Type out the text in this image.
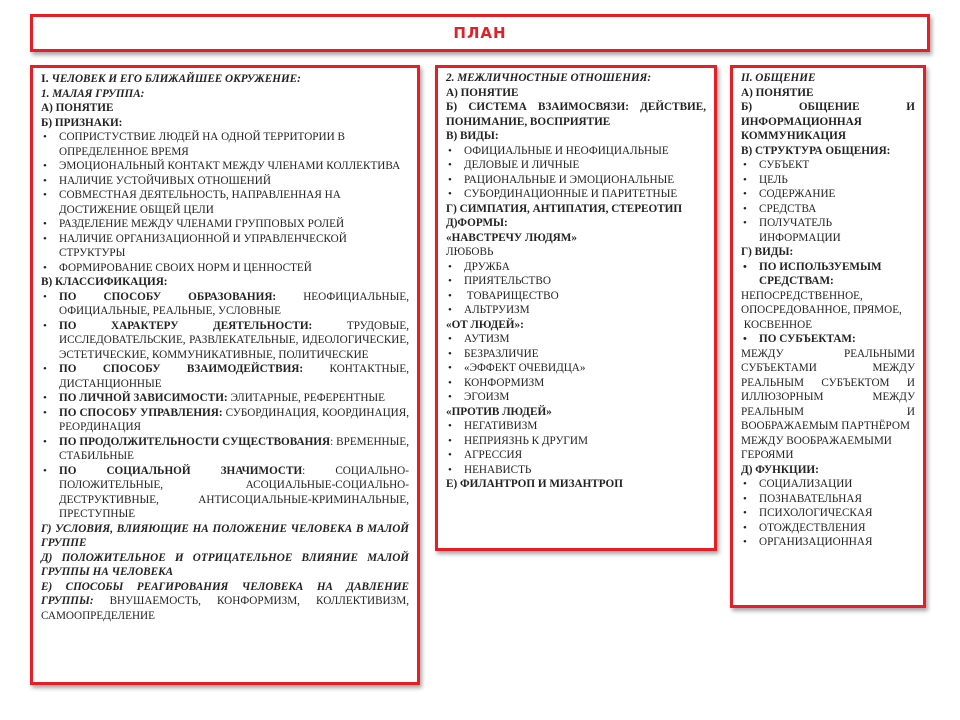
ПЛАН
I. ЧЕЛОВЕК И ЕГО БЛИЖАЙШЕЕ ОКРУЖЕНИЕ:
1. МАЛАЯ ГРУППА:
А) ПОНЯТИЕ
Б) ПРИЗНАКИ:
• СОПРИСТУСТВИЕ ЛЮДЕЙ НА ОДНОЙ ТЕРРИТОРИИ В ОПРЕДЕЛЕННОЕ ВРЕМЯ
• ЭМОЦИОНАЛЬНЫЙ КОНТАКТ МЕЖДУ ЧЛЕНАМИ КОЛЛЕКТИВА
• НАЛИЧИЕ УСТОЙЧИВЫХ ОТНОШЕНИЙ
• СОВМЕСТНАЯ ДЕЯТЕЛЬНОСТЬ, НАПРАВЛЕННАЯ НА ДОСТИЖЕНИЕ ОБЩЕЙ ЦЕЛИ
• РАЗДЕЛЕНИЕ МЕЖДУ ЧЛЕНАМИ ГРУППОВЫХ РОЛЕЙ
• НАЛИЧИЕ ОРГАНИЗАЦИОННОЙ И УПРАВЛЕНЧЕСКОЙ СТРУКТУРЫ
• ФОРМИРОВАНИЕ СВОИХ НОРМ И ЦЕННОСТЕЙ
В) КЛАССИФИКАЦИЯ:
• ПО СПОСОБУ ОБРАЗОВАНИЯ: НЕОФИЦИАЛЬНЫЕ, ОФИЦИАЛЬНЫЕ, РЕАЛЬНЫЕ, УСЛОВНЫЕ
• ПО ХАРАКТЕРУ ДЕЯТЕЛЬНОСТИ: ТРУДОВЫЕ, ИССЛЕДОВАТЕЛЬСКИЕ, РАЗВЛЕКАТЕЛЬНЫЕ, ИДЕОЛОГИЧЕСКИЕ, ЭСТЕТИЧЕСКИЕ, КОММУНИКАТИВНЫЕ, ПОЛИТИЧЕСКИЕ
• ПО СПОСОБУ ВЗАИМОДЕЙСТВИЯ: КОНТАКТНЫЕ, ДИСТАНЦИОННЫЕ
• ПО ЛИЧНОЙ ЗАВИСИМОСТИ: ЭЛИТАРНЫЕ, РЕФЕРЕНТНЫЕ
• ПО СПОСОБУ УПРАВЛЕНИЯ: СУБОРДИНАЦИЯ, КООРДИНАЦИЯ, РЕОРДИНАЦИЯ
• ПО ПРОДОЛЖИТЕЛЬНОСТИ СУЩЕСТВОВАНИЯ: ВРЕМЕННЫЕ, СТАБИЛЬНЫЕ
• ПО СОЦИАЛЬНОЙ ЗНАЧИМОСТИ: СОЦИАЛЬНО-ПОЛОЖИТЕЛЬНЫЕ, АСОЦИАЛЬНЫЕ-СОЦИАЛЬНО-ДЕСТРУКТИВНЫЕ, АНТИСОЦИАЛЬНЫЕ-КРИМИНАЛЬНЫЕ, ПРЕСТУПНЫЕ
Г) УСЛОВИЯ, ВЛИЯЮЩИЕ НА ПОЛОЖЕНИЕ ЧЕЛОВЕКА В МАЛОЙ ГРУППЕ
Д) ПОЛОЖИТЕЛЬНОЕ И ОТРИЦАТЕЛЬНОЕ ВЛИЯНИЕ МАЛОЙ ГРУППЫ НА ЧЕЛОВЕКА
Е) СПОСОБЫ РЕАГИРОВАНИЯ ЧЕЛОВЕКА НА ДАВЛЕНИЕ ГРУППЫ: ВНУШАЕМОСТЬ, КОНФОРМИЗМ, КОЛЛЕКТИВИЗМ, САМООПРЕДЕЛЕНИЕ
2. МЕЖЛИЧНОСТНЫЕ ОТНОШЕНИЯ:
А) ПОНЯТИЕ
Б) СИСТЕМА ВЗАИМОСВЯЗИ: ДЕЙСТВИЕ, ПОНИМАНИЕ, ВОСПРИЯТИЕ
В) ВИДЫ:
• ОФИЦИАЛЬНЫЕ И НЕОФИЦИАЛЬНЫЕ
• ДЕЛОВЫЕ И ЛИЧНЫЕ
• РАЦИОНАЛЬНЫЕ И ЭМОЦИОНАЛЬНЫЕ
• СУБОРДИНАЦИОННЫЕ И ПАРИТЕТНЫЕ
Г) СИМПАТИЯ, АНТИПАТИЯ, СТЕРЕОТИП
Д)ФОРМЫ:
«НАВСТРЕЧУ ЛЮДЯМ»
ЛЮБОВЬ
• ДРУЖБА
• ПРИЯТЕЛЬСТВО
•  ТОВАРИЩЕСТВО
• АЛЬТРУИЗМ
«ОТ ЛЮДЕЙ»:
• АУТИЗМ
• БЕЗРАЗЛИЧИЕ
• «ЭФФЕКТ ОЧЕВИДЦА»
• КОНФОРМИЗМ
• ЭГОИЗМ
«ПРОТИВ ЛЮДЕЙ»
• НЕГАТИВИЗМ
• НЕПРИЯЗНЬ К ДРУГИМ
• АГРЕССИЯ
• НЕНАВИСТЬ
Е) ФИЛАНТРОП И МИЗАНТРОП
II. ОБЩЕНИЕ
А) ПОНЯТИЕ
Б) ОБЩЕНИЕ И ИНФОРМАЦИОННАЯ КОММУНИКАЦИЯ
В) СТРУКТУРА ОБЩЕНИЯ:
• СУБЪЕКТ
• ЦЕЛЬ
• СОДЕРЖАНИЕ
• СРЕДСТВА
• ПОЛУЧАТЕЛЬ ИНФОРМАЦИИ
Г) ВИДЫ:
• ПО ИСПОЛЬЗУЕМЫМ СРЕДСТВАМ:
НЕПОСРЕДСТВЕННОЕ, ОПОСРЕДОВАННОЕ, ПРЯМОЕ,
КОСВЕННОЕ
• ПО СУБЪЕКТАМ:
МЕЖДУ РЕАЛЬНЫМИ СУБЪЕКТАМИ МЕЖДУ РЕАЛЬНЫМ СУБЪЕКТОМ И ИЛЛЮЗОРНЫМ МЕЖДУ РЕАЛЬНЫМ И ВООБРАЖАЕМЫМ ПАРТНЁРОМ
МЕЖДУ ВООБРАЖАЕМЫМИ ГЕРОЯМИ
Д) ФУНКЦИИ:
• СОЦИАЛИЗАЦИИ
• ПОЗНАВАТЕЛЬНАЯ
• ПСИХОЛОГИЧЕСКАЯ
• ОТОЖДЕСТВЛЕНИЯ
• ОРГАНИЗАЦИОННАЯ
